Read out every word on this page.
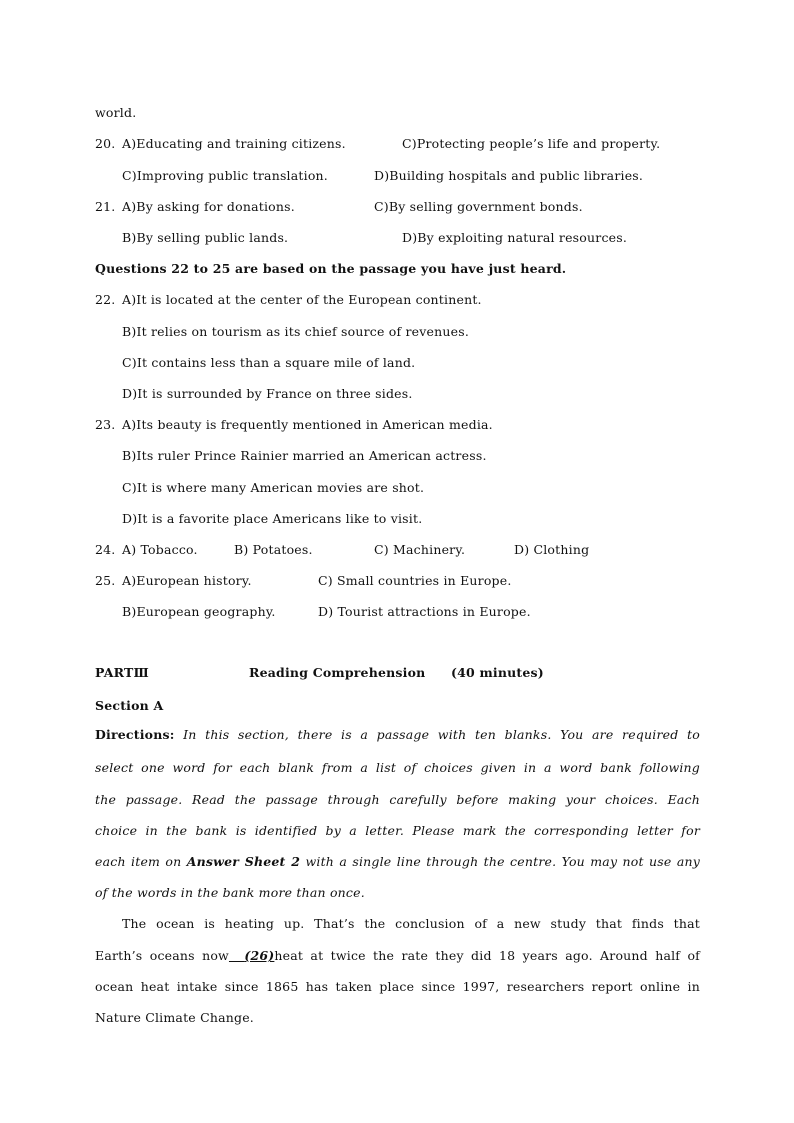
world.
20. A)Educating and training citizens.	C)Protecting people’s life and property.
C)Improving public translation.	D)Building hospitals and public libraries.
21. A)By asking for donations.	C)By selling government bonds.
B)By selling public lands.	D)By exploiting natural resources.
Questions 22 to 25 are based on the passage you have just heard.
22. A)It is located at the center of the European continent.
B)It relies on tourism as its chief source of revenues.
C)It contains less than a square mile of land.
D)It is surrounded by France on three sides.
23. A)Its beauty is frequently mentioned in American media.
B)Its ruler Prince Rainier married an American actress.
C)It is where many American movies are shot.
D)It is a favorite place Americans like to visit.
24. A) Tobacco.	B) Potatoes.	C) Machinery.	D) Clothing
25. A)European history.	C) Small countries in Europe.
B)European geography.	D) Tourist attractions in Europe.
PARTⅢ	Reading Comprehension (40 minutes)
Section A
Directions: In this section, there is a passage with ten blanks. You are required to
select one word for each blank from a list of choices given in a word bank following
the passage. Read the passage through carefully before making your choices. Each
choice in the bank is identified by a letter. Please mark the corresponding letter for
each item on Answer Sheet 2 with a single line through the centre. You may not use any
of the words in the bank more than once.
The ocean is heating up. That’s the conclusion of a new study that finds that
Earth’s oceans now (26)heat at twice the rate they did 18 years ago. Around half of
ocean heat intake since 1865 has taken place since 1997, researchers report online in
Nature Climate Change.
